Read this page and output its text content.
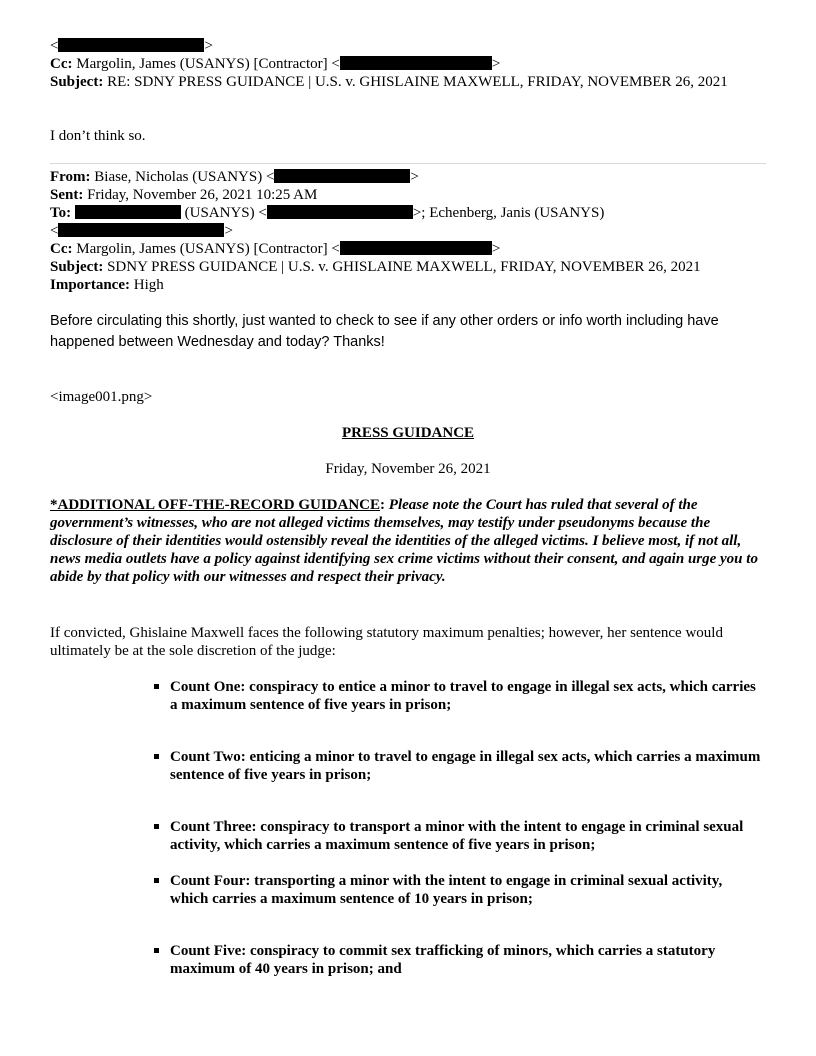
<	>
Cc: Margolin, James (USANYS) [Contractor] <	>
Subject: RE: SDNY PRESS GUIDANCE | U.S. v. GHISLAINE MAXWELL, FRIDAY, NOVEMBER 26, 2021
I don’t think so.
From: Biase, Nicholas (USANYS) <	>
Sent: Friday, November 26, 2021 10:25 AM
To:	(USANYS) <	>; Echenberg, Janis (USANYS)
<	>
Cc: Margolin, James (USANYS) [Contractor] <	>
Subject: SDNY PRESS GUIDANCE | U.S. v. GHISLAINE MAXWELL, FRIDAY, NOVEMBER 26, 2021
Importance: High
Before circulating this shortly, just wanted to check to see if any other orders or info worth including have happened between Wednesday and today? Thanks!
<image001.png>
PRESS GUIDANCE
Friday, November 26, 2021
*ADDITIONAL OFF-THE-RECORD GUIDANCE: Please note the Court has ruled that several of the government’s witnesses, who are not alleged victims themselves, may testify under pseudonyms because the disclosure of their identities would ostensibly reveal the identities of the alleged victims. I believe most, if not all, news media outlets have a policy against identifying sex crime victims without their consent, and again urge you to abide by that policy with our witnesses and respect their privacy.
If convicted, Ghislaine Maxwell faces the following statutory maximum penalties; however, her sentence would ultimately be at the sole discretion of the judge:
Count One: conspiracy to entice a minor to travel to engage in illegal sex acts, which carries a maximum sentence of five years in prison;
Count Two: enticing a minor to travel to engage in illegal sex acts, which carries a maximum sentence of five years in prison;
Count Three: conspiracy to transport a minor with the intent to engage in criminal sexual activity, which carries a maximum sentence of five years in prison;
Count Four: transporting a minor with the intent to engage in criminal sexual activity, which carries a maximum sentence of 10 years in prison;
Count Five: conspiracy to commit sex trafficking of minors, which carries a statutory maximum of 40 years in prison; and
